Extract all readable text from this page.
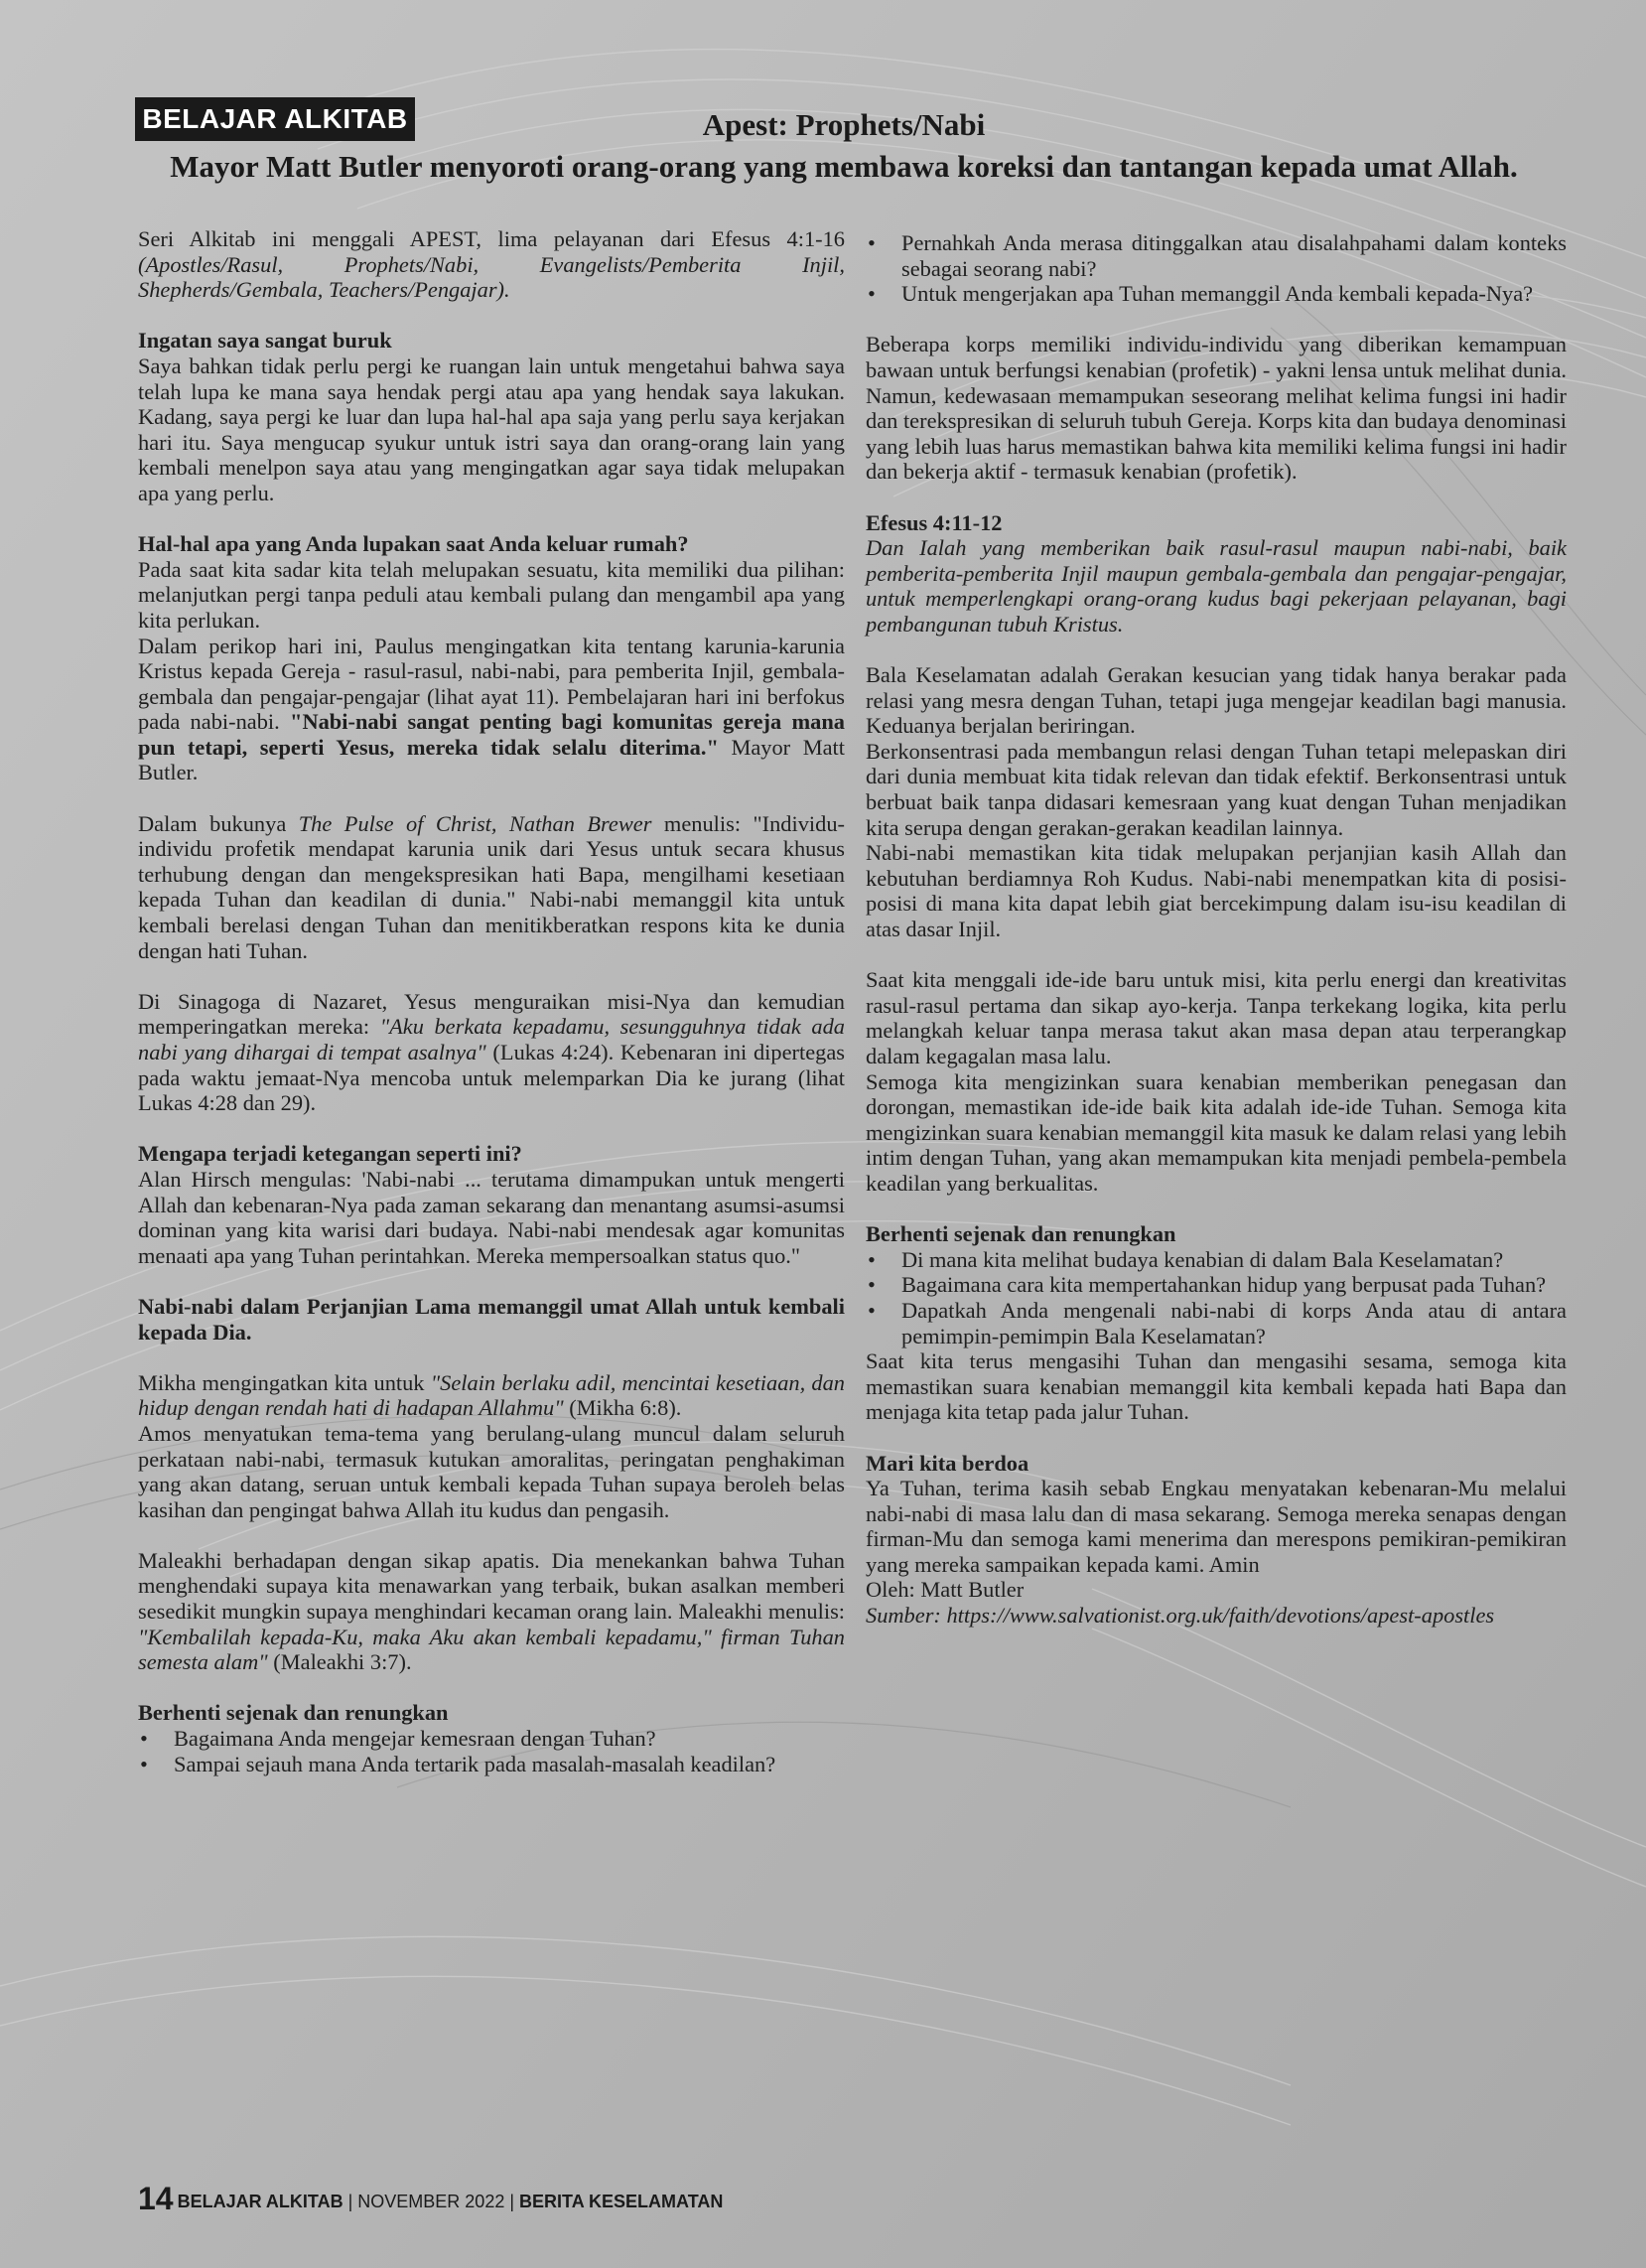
BELAJAR ALKITAB	Apest: Prophets/Nabi
Mayor Matt Butler menyoroti orang-orang yang membawa koreksi dan tantangan kepada umat Allah.

Seri Alkitab ini menggali APEST, lima pelayanan dari Efesus 4:1-16 (Apostles/Rasul, Prophets/Nabi, Evangelists/Pemberita Injil, Shepherds/Gembala, Teachers/Pengajar).

Ingatan saya sangat buruk

Saya bahkan tidak perlu pergi ke ruangan lain untuk mengetahui bahwa saya telah lupa ke mana saya hendak pergi atau apa yang hendak saya lakukan. Kadang, saya pergi ke luar dan lupa hal-hal apa saja yang perlu saya kerjakan hari itu. Saya mengucap syukur untuk istri saya dan orang-orang lain yang kembali menelpon saya atau yang mengingatkan agar saya tidak melupakan apa yang perlu.

Hal-hal apa yang Anda lupakan saat Anda keluar rumah?

Pada saat kita sadar kita telah melupakan sesuatu, kita memiliki dua pilihan: melanjutkan pergi tanpa peduli atau kembali pulang dan mengambil apa yang kita perlukan.

Dalam perikop hari ini, Paulus mengingatkan kita tentang karunia-karunia Kristus kepada Gereja - rasul-rasul, nabi-nabi, para pemberita Injil, gembala-gembala dan pengajar-pengajar (lihat ayat 11). Pembelajaran hari ini berfokus pada nabi-nabi. "Nabi-nabi sangat penting bagi komunitas gereja mana pun tetapi, seperti Yesus, mereka tidak selalu diterima." Mayor Matt Butler.

Dalam bukunya The Pulse of Christ, Nathan Brewer menulis: "Individu-individu profetik mendapat karunia unik dari Yesus untuk secara khusus terhubung dengan dan mengekspresikan hati Bapa, mengilhami kesetiaan kepada Tuhan dan keadilan di dunia." Nabi-nabi memanggil kita untuk kembali berelasi dengan Tuhan dan menitikberatkan respons kita ke dunia dengan hati Tuhan.

Di Sinagoga di Nazaret, Yesus menguraikan misi-Nya dan kemudian memperingatkan mereka: "Aku berkata kepadamu, sesungguhnya tidak ada nabi yang dihargai di tempat asalnya" (Lukas 4:24). Kebenaran ini dipertegas pada waktu jemaat-Nya mencoba untuk melemparkan Dia ke jurang (lihat Lukas 4:28 dan 29).

Mengapa terjadi ketegangan seperti ini?

Alan Hirsch mengulas: 'Nabi-nabi ... terutama dimampukan untuk mengerti Allah dan kebenaran-Nya pada zaman sekarang dan menantang asumsi-asumsi dominan yang kita warisi dari budaya. Nabi-nabi mendesak agar komunitas menaati apa yang Tuhan perintahkan. Mereka mempersoalkan status quo."

Nabi-nabi dalam Perjanjian Lama memanggil umat Allah untuk kembali kepada Dia.

Mikha mengingatkan kita untuk "Selain berlaku adil, mencintai kesetiaan, dan hidup dengan rendah hati di hadapan Allahmu" (Mikha 6:8).

Amos menyatukan tema-tema yang berulang-ulang muncul dalam seluruh perkataan nabi-nabi, termasuk kutukan amoralitas, peringatan penghakiman yang akan datang, seruan untuk kembali kepada Tuhan supaya beroleh belas kasihan dan pengingat bahwa Allah itu kudus dan pengasih.

Maleakhi berhadapan dengan sikap apatis. Dia menekankan bahwa Tuhan menghendaki supaya kita menawarkan yang terbaik, bukan asalkan memberi sesedikit mungkin supaya menghindari kecaman orang lain. Maleakhi menulis: "Kembalilah kepada-Ku, maka Aku akan kembali kepadamu," firman Tuhan semesta alam" (Maleakhi 3:7).

Berhenti sejenak dan renungkan

• Bagaimana Anda mengejar kemesraan dengan Tuhan?
• Sampai sejauh mana Anda tertarik pada masalah-masalah keadilan?
• Pernahkah Anda merasa ditinggalkan atau disalahpahami dalam konteks sebagai seorang nabi?
• Untuk mengerjakan apa Tuhan memanggil Anda kembali kepada-Nya?

Beberapa korps memiliki individu-individu yang diberikan kemampuan bawaan untuk berfungsi kenabian (profetik) - yakni lensa untuk melihat dunia. Namun, kedewasaan memampukan seseorang melihat kelima fungsi ini hadir dan terekspresikan di seluruh tubuh Gereja. Korps kita dan budaya denominasi yang lebih luas harus memastikan bahwa kita memiliki kelima fungsi ini hadir dan bekerja aktif - termasuk kenabian (profetik).

Efesus 4:11-12

Dan Ialah yang memberikan baik rasul-rasul maupun nabi-nabi, baik pemberita-pemberita Injil maupun gembala-gembala dan pengajar-pengajar, untuk memperlengkapi orang-orang kudus bagi pekerjaan pelayanan, bagi pembangunan tubuh Kristus.

Bala Keselamatan adalah Gerakan kesucian yang tidak hanya berakar pada relasi yang mesra dengan Tuhan, tetapi juga mengejar keadilan bagi manusia. Keduanya berjalan beriringan.

Berkonsentrasi pada membangun relasi dengan Tuhan tetapi melepaskan diri dari dunia membuat kita tidak relevan dan tidak efektif. Berkonsentrasi untuk berbuat baik tanpa didasari kemesraan yang kuat dengan Tuhan menjadikan kita serupa dengan gerakan-gerakan keadilan lainnya.

Nabi-nabi memastikan kita tidak melupakan perjanjian kasih Allah dan kebutuhan berdiamnya Roh Kudus. Nabi-nabi menempatkan kita di posisi-posisi di mana kita dapat lebih giat bercekimpung dalam isu-isu keadilan di atas dasar Injil.

Saat kita menggali ide-ide baru untuk misi, kita perlu energi dan kreativitas rasul-rasul pertama dan sikap ayo-kerja. Tanpa terkekang logika, kita perlu melangkah keluar tanpa merasa takut akan masa depan atau terperangkap dalam kegagalan masa lalu.

Semoga kita mengizinkan suara kenabian memberikan penegasan dan dorongan, memastikan ide-ide baik kita adalah ide-ide Tuhan. Semoga kita mengizinkan suara kenabian memanggil kita masuk ke dalam relasi yang lebih intim dengan Tuhan, yang akan memampukan kita menjadi pembela-pembela keadilan yang berkualitas.

Berhenti sejenak dan renungkan

• Di mana kita melihat budaya kenabian di dalam Bala Keselamatan?
• Bagaimana cara kita mempertahankan hidup yang berpusat pada Tuhan?
• Dapatkah Anda mengenali nabi-nabi di korps Anda atau di antara pemimpin-pemimpin Bala Keselamatan?

Saat kita terus mengasihi Tuhan dan mengasihi sesama, semoga kita memastikan suara kenabian memanggil kita kembali kepada hati Bapa dan menjaga kita tetap pada jalur Tuhan.

Mari kita berdoa

Ya Tuhan, terima kasih sebab Engkau menyatakan kebenaran-Mu melalui nabi-nabi di masa lalu dan di masa sekarang. Semoga mereka senapas dengan firman-Mu dan semoga kami menerima dan merespons pemikiran-pemikiran yang mereka sampaikan kepada kami. Amin

Oleh: Matt Butler

Sumber: https://www.salvationist.org.uk/faith/devotions/apest-apostles

14 BELAJAR ALKITAB | NOVEMBER 2022 | BERITA KESELAMATAN
